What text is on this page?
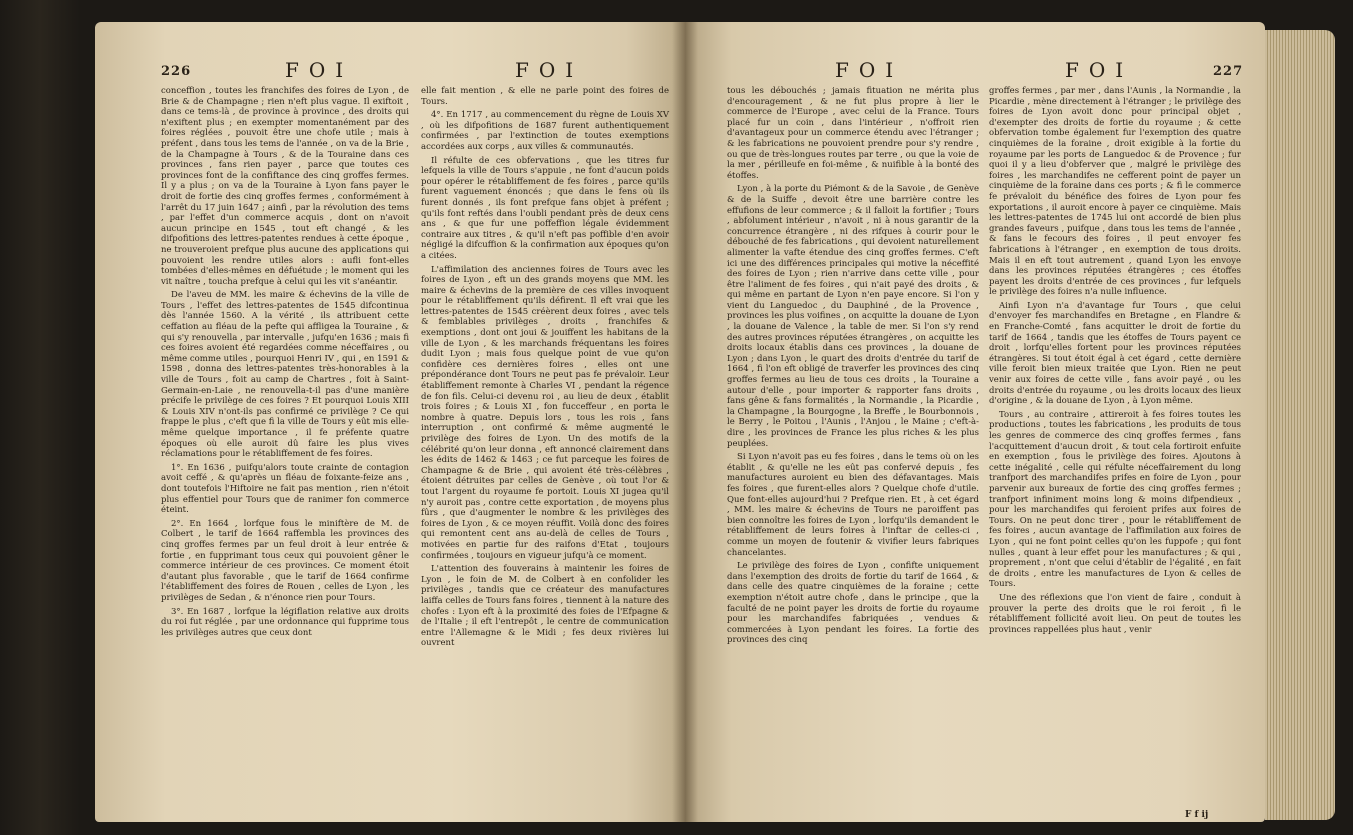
226	FOI	FOI

conceffion , toutes les franchifes des foires de Lyon , de Brie & de Champagne ; rien n'eft plus vague. Il exiftoit , dans ce tems-là , de province à province , des droits qui n'exiftent plus ; en exempter momentanément par des foires réglées , pouvoit être une chofe utile ; mais à préfent , dans tous les tems de l'année , on va de la Brie , de la Champagne à Tours , & de la Touraine dans ces provinces , fans rien payer , parce que toutes ces provinces font de la confiftance des cinq groffes fermes. Il y a plus ; on va de la Touraine à Lyon fans payer le droit de fortie des cinq groffes fermes , conformément à l'arrêt du 17 juin 1647 ; ainfi , par la révolution des tems , par l'effet d'un commerce acquis , dont on n'avoit aucun principe en 1545 , tout eft changé , & les difpofitions des lettres-patentes rendues à cette époque , ne trouveroient prefque plus aucune des applications qui pouvoient les rendre utiles alors : aufli font-elles tombées d'elles-mêmes en défuétude ; le moment qui les vit naître , toucha prefque à celui qui les vit s'anéantir.

De l'aveu de MM. les maire & échevins de la ville de Tours , l'effet des lettres-patentes de 1545 difcontinua dès l'année 1560. A la vérité , ils attribuent cette ceffation au fléau de la pefte qui affligea la Touraine , & qui s'y renouvella , par intervalle , jufqu'en 1636 ; mais fi ces foires avoient été regardées comme néceffaires , ou même comme utiles , pourquoi Henri IV , qui , en 1591 & 1598 , donna des lettres-patentes très-honorables à la ville de Tours , foit au camp de Chartres , foit à Saint-Germain-en-Laie , ne renouvella-t-il pas d'une manière précife le privilège de ces foires ? Et pourquoi Louis XIII & Louis XIV n'ont-ils pas confirmé ce privilège ? Ce qui frappe le plus , c'eft que fi la ville de Tours y eût mis elle-même quelque importance , il fe préfente quatre époques où elle auroit dû faire les plus vives réclamations pour le rétabliffement de fes foires.

1°. En 1636 , puifqu'alors toute crainte de contagion avoit ceffé , & qu'après un fléau de foixante-feize ans , dont toutefois l'Hiftoire ne fait pas mention , rien n'étoit plus effentiel pour Tours que de ranimer fon commerce éteint.

2°. En 1664 , lorfque fous le miniftère de M. de Colbert , le tarif de 1664 raffembla les provinces des cinq groffes fermes par un feul droit à leur entrée & fortie , en fupprimant tous ceux qui pouvoient gêner le commerce intérieur de ces provinces. Ce moment étoit d'autant plus favorable , que le tarif de 1664 confirme l'établiffement des foires de Rouen , celles de Lyon , les privilèges de Sedan , & n'énonce rien pour Tours.

3°. En 1687 , lorfque la légiflation relative aux droits du roi fut réglée , par une ordonnance qui fupprime tous les privilèges autres que ceux dont

elle fait mention , & elle ne parle point des foires de Tours.

4°. En 1717 , au commencement du règne de Louis XV , où les difpofitions de 1687 furent authentiquement confirmées , par l'extinction de toutes exemptions accordées aux corps , aux villes & communautés.

Il réfulte de ces obfervations , que les titres fur lefquels la ville de Tours s'appuie , ne font d'aucun poids pour opérer le rétabliffement de fes foires , parce qu'ils furent vaguement énoncés ; que dans le fens où ils furent donnés , ils font prefque fans objet à préfent ; qu'ils font reftés dans l'oubli pendant près de deux cens ans , & que fur une poffeffion légale évidemment contraire aux titres , & qu'il n'eft pas poffible d'en avoir négligé la difcuffion & la confirmation aux époques qu'on a citées.

L'affimilation des anciennes foires de Tours avec les foires de Lyon , eft un des grands moyens que MM. les maire & échevins de la première de ces villes invoquent pour le rétabliffement qu'ils défirent. Il eft vrai que les lettres-patentes de 1545 créèrent deux foires , avec tels & femblables privilèges , droits , franchifes & exemptions , dont ont joui & jouiffent les habitans de la ville de Lyon , & les marchands fréquentans les foires dudit Lyon ; mais fous quelque point de vue qu'on confidère ces dernières foires , elles ont une prépondérance dont Tours ne peut pas fe prévaloir. Leur établiffement remonte à Charles VI , pendant la régence de fon fils. Celui-ci devenu roi , au lieu de deux , établit trois foires ; & Louis XI , fon fucceffeur , en porta le nombre à quatre. Depuis lors , tous les rois , fans interruption , ont confirmé & même augmenté le privilège des foires de Lyon. Un des motifs de la célébrité qu'on leur donna , eft annoncé clairement dans les édits de 1462 & 1463 ; ce fut parceque les foires de Champagne & de Brie , qui avoient été très-célèbres , étoient détruites par celles de Genève , où tout l'or & tout l'argent du royaume fe portoit. Louis XI jugea qu'il n'y auroit pas , contre cette exportation , de moyens plus fûrs , que d'augmenter le nombre & les privilèges des foires de Lyon , & ce moyen réuffit. Voilà donc des foires qui remontent cent ans au-delà de celles de Tours , motivées en partie fur des raifons d'Etat , toujours confirmées , toujours en vigueur jufqu'à ce moment.

L'attention des fouverains à maintenir les foires de Lyon , le foin de M. de Colbert à en confolider les privilèges , tandis que ce créateur des manufactures laiffa celles de Tours fans foires , tiennent à la nature des chofes : Lyon eft à la proximité des foies de l'Efpagne & de l'Italie ; il eft l'entrepôt , le centre de communication entre l'Allemagne & le Midi ; fes deux rivières lui ouvrent

FOI	FOI	227

tous les débouchés ; jamais fituation ne mérita plus d'encouragement , & ne fut plus propre à lier le commerce de l'Europe , avec celui de la France. Tours placé fur un coin , dans l'intérieur , n'offroit rien d'avantageux pour un commerce étendu avec l'étranger ; & les fabrications ne pouvoient prendre pour s'y rendre , ou que de très-longues routes par terre , ou que la voie de la mer , périlleufe en foi-même , & nuifible à la bonté des étoffes.

Lyon , à la porte du Piémont & de la Savoie , de Genève & de la Suiffe , devoit être une barrière contre les effufions de leur commerce ; & il falloit la fortifier ; Tours , abfolument intérieur , n'avoit , ni à nous garantir de la concurrence étrangère , ni des rifques à courir pour le débouché de fes fabrications , qui devoient naturellement alimenter la vafte étendue des cinq groffes fermes. C'eft ici une des différences principales qui motive la néceffité des foires de Lyon ; rien n'arrive dans cette ville , pour être l'aliment de fes foires , qui n'ait payé des droits , & qui même en partant de Lyon n'en paye encore. Si l'on y vient du Languedoc , du Dauphiné , de la Provence , provinces les plus voifines , on acquitte la douane de Lyon , la douane de Valence , la table de mer. Si l'on s'y rend des autres provinces réputées étrangères , on acquitte les droits locaux établis dans ces provinces , la douane de Lyon ; dans Lyon , le quart des droits d'entrée du tarif de 1664 , fi l'on eft obligé de traverfer les provinces des cinq groffes fermes au lieu de tous ces droits , la Touraine a autour d'elle , pour importer & rapporter fans droits , fans gêne & fans formalités , la Normandie , la Picardie , la Champagne , la Bourgogne , la Breffe , le Bourbonnois , le Berry , le Poitou , l'Aunis , l'Anjou , le Maine ; c'eft-à-dire , les provinces de France les plus riches & les plus peuplées.

Si Lyon n'avoit pas eu fes foires , dans le tems où on les établit , & qu'elle ne les eût pas confervé depuis , fes manufactures auroient eu bien des défavantages. Mais fes foires , que furent-elles alors ? Quelque chofe d'utile. Que font-elles aujourd'hui ? Prefque rien. Et , à cet égard , MM. les maire & échevins de Tours ne paroiffent pas bien connoître les foires de Lyon , lorfqu'ils demandent le rétabliffement de leurs foires à l'inftar de celles-ci , comme un moyen de foutenir & vivifier leurs fabriques chancelantes.

Le privilège des foires de Lyon , confifte uniquement dans l'exemption des droits de fortie du tarif de 1664 , & dans celle des quatre cinquièmes de la foraine ; cette exemption n'étoit autre chofe , dans le principe , que la faculté de ne point payer les droits de fortie du royaume pour les marchandifes fabriquées , vendues & commercées à Lyon pendant les foires. La fortie des provinces des cinq

groffes fermes , par mer , dans l'Aunis , la Normandie , la Picardie , mène directement à l'étranger ; le privilège des foires de Lyon avoit donc pour principal objet , d'exempter des droits de fortie du royaume ; & cette obfervation tombe également fur l'exemption des quatre cinquièmes de la foraine , droit exigible à la fortie du royaume par les ports de Languedoc & de Provence ; fur quoi il y a lieu d'obferver que , malgré le privilège des foires , les marchandifes ne cefferent point de payer un cinquième de la foraine dans ces ports ; & fi le commerce fe prévaloit du bénéfice des foires de Lyon pour fes exportations , il auroit encore à payer ce cinquième. Mais les lettres-patentes de 1745 lui ont accordé de bien plus grandes faveurs , puifque , dans tous les tems de l'année , & fans le fecours des foires , il peut envoyer fes fabrications à l'étranger , en exemption de tous droits. Mais il en eft tout autrement , quand Lyon les envoye dans les provinces réputées étrangères ; ces étoffes payent les droits d'entrée de ces provinces , fur lefquels le privilège des foires n'a nulle influence.

Ainfi Lyon n'a d'avantage fur Tours , que celui d'envoyer fes marchandifes en Bretagne , en Flandre & en Franche-Comté , fans acquitter le droit de fortie du tarif de 1664 , tandis que les étoffes de Tours payent ce droit , lorfqu'elles fortent pour les provinces réputées étrangères. Si tout étoit égal à cet égard , cette dernière ville feroit bien mieux traitée que Lyon. Rien ne peut venir aux foires de cette ville , fans avoir payé , ou les droits d'entrée du royaume , ou les droits locaux des lieux d'origine , & la douane de Lyon , à Lyon même.

Tours , au contraire , attireroit à fes foires toutes les productions , toutes les fabrications , les produits de tous les genres de commerce des cinq groffes fermes , fans l'acquittement d'aucun droit , & tout cela fortiroit enfuite en exemption , fous le privilège des foires. Ajoutons à cette inégalité , celle qui réfulte néceffairement du long tranfport des marchandifes prifes en foire de Lyon , pour parvenir aux bureaux de fortie des cinq groffes fermes ; tranfport infiniment moins long & moins difpendieux , pour les marchandifes qui feroient prifes aux foires de Tours. On ne peut donc tirer , pour le rétabliffement de fes foires , aucun avantage de l'affimilation aux foires de Lyon , qui ne font point celles qu'on les fuppofe ; qui font nulles , quant à leur effet pour les manufactures ; & qui , proprement , n'ont que celui d'établir de l'égalité , en fait de droits , entre les manufactures de Lyon & celles de Tours.

Une des réflexions que l'on vient de faire , conduit à prouver la perte des droits que le roi feroit , fi le rétabliffement follicité avoit lieu. On peut de toutes les provinces rappellées plus haut , venir

F f ij
